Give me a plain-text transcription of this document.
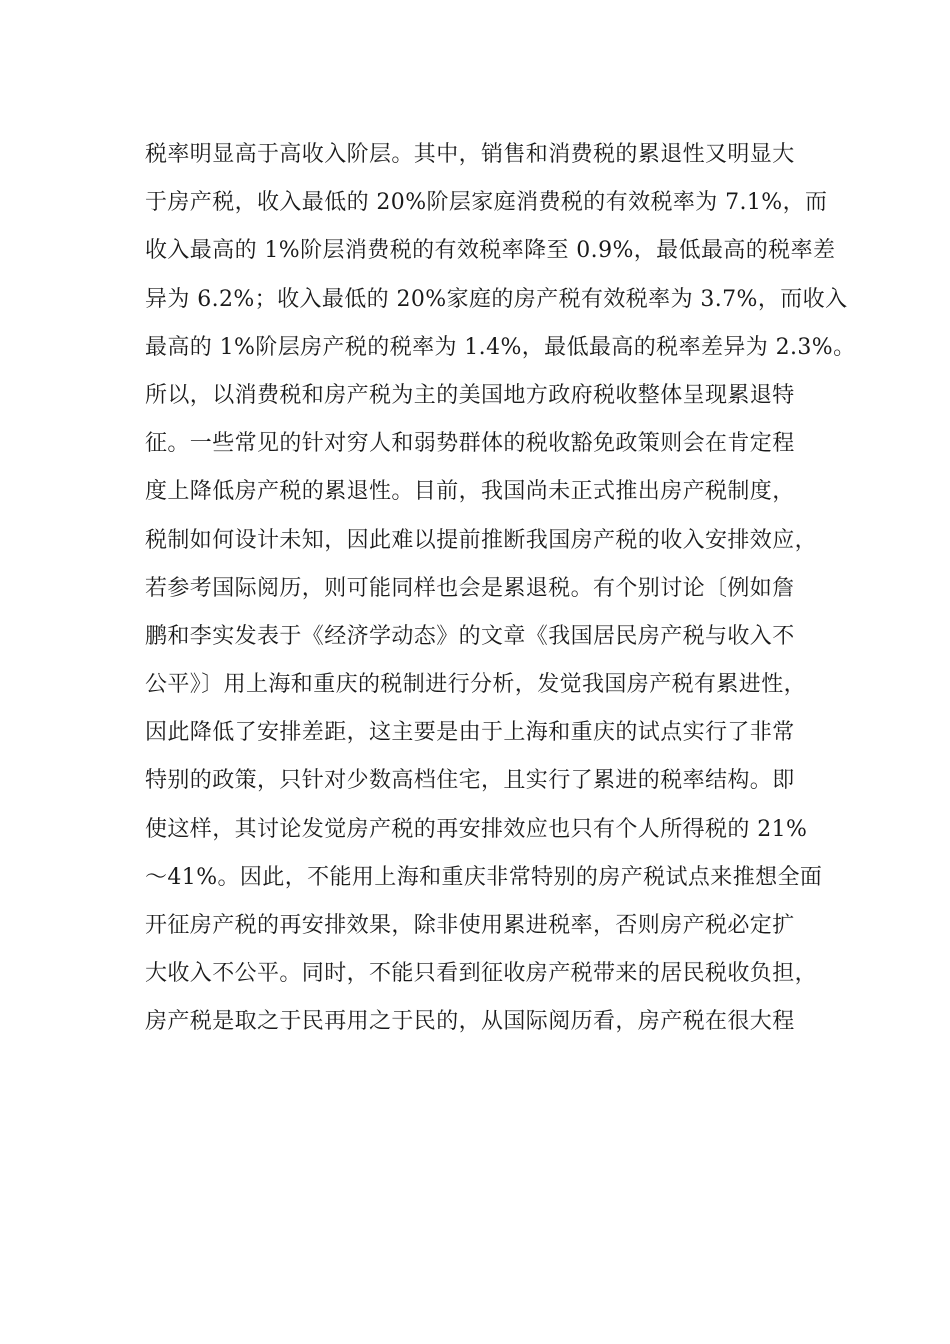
税率明显高于高收入阶层。其中，销售和消费税的累退性又明显大
于房产税，收入最低的 20%阶层家庭消费税的有效税率为 7.1%，而
收入最高的 1%阶层消费税的有效税率降至 0.9%，最低最高的税率差
异为 6.2%；收入最低的 20%家庭的房产税有效税率为 3.7%，而收入
最高的 1%阶层房产税的税率为 1.4%，最低最高的税率差异为 2.3%。
所以，以消费税和房产税为主的美国地方政府税收整体呈现累退特
征。一些常见的针对穷人和弱势群体的税收豁免政策则会在肯定程
度上降低房产税的累退性。目前，我国尚未正式推出房产税制度，
税制如何设计未知，因此难以提前推断我国房产税的收入安排效应，
若参考国际阅历，则可能同样也会是累退税。有个别讨论〔例如詹
鹏和李实发表于《经济学动态》的文章《我国居民房产税与收入不
公平》〕用上海和重庆的税制进行分析，发觉我国房产税有累进性，
因此降低了安排差距，这主要是由于上海和重庆的试点实行了非常
特别的政策，只针对少数高档住宅，且实行了累进的税率结构。即
使这样，其讨论发觉房产税的再安排效应也只有个人所得税的 21%
～41%。因此，不能用上海和重庆非常特别的房产税试点来推想全面
开征房产税的再安排效果，除非使用累进税率，否则房产税必定扩
大收入不公平。同时，不能只看到征收房产税带来的居民税收负担，
房产税是取之于民再用之于民的，从国际阅历看，房产税在很大程
